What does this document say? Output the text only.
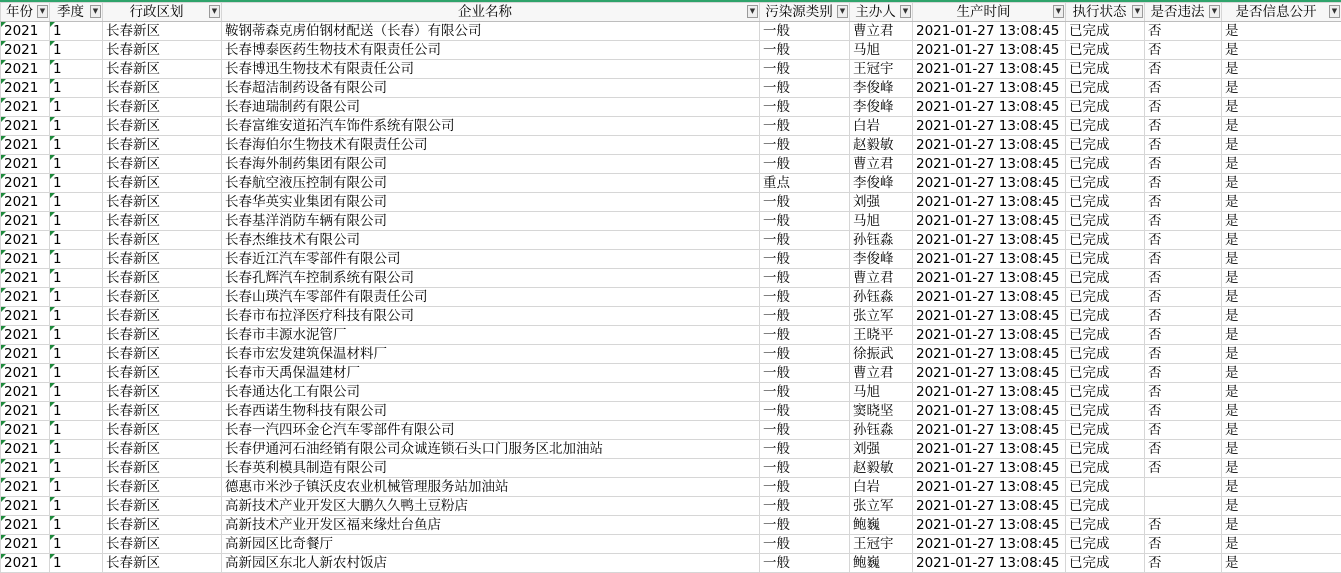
年份 ▼	季度 ▼	行政区划 ▼	企业名称 ▼	污染源类别 ▼	主办人 ▼	生产时间 ▼	执行状态 ▼	是否违法 ▼	是否信息公开 ▼

2021	1	长春新区	鞍钢蒂森克虏伯钢材配送（长春）有限公司	一般	曹立君	2021-01-27 13:08:45	已完成	否	是
2021	1	长春新区	长春博泰医药生物技术有限责任公司	一般	马旭	2021-01-27 13:08:45	已完成	否	是
2021	1	长春新区	长春博迅生物技术有限责任公司	一般	王冠宇	2021-01-27 13:08:45	已完成	否	是
2021	1	长春新区	长春超洁制药设备有限公司	一般	李俊峰	2021-01-27 13:08:45	已完成	否	是
2021	1	长春新区	长春迪瑞制药有限公司	一般	李俊峰	2021-01-27 13:08:45	已完成	否	是
2021	1	长春新区	长春富维安道拓汽车饰件系统有限公司	一般	白岩	2021-01-27 13:08:45	已完成	否	是
2021	1	长春新区	长春海伯尔生物技术有限责任公司	一般	赵毅敏	2021-01-27 13:08:45	已完成	否	是
2021	1	长春新区	长春海外制药集团有限公司	一般	曹立君	2021-01-27 13:08:45	已完成	否	是
2021	1	长春新区	长春航空液压控制有限公司	重点	李俊峰	2021-01-27 13:08:45	已完成	否	是
2021	1	长春新区	长春华英实业集团有限公司	一般	刘强	2021-01-27 13:08:45	已完成	否	是
2021	1	长春新区	长春基洋消防车辆有限公司	一般	马旭	2021-01-27 13:08:45	已完成	否	是
2021	1	长春新区	长春杰维技术有限公司	一般	孙钰淼	2021-01-27 13:08:45	已完成	否	是
2021	1	长春新区	长春近江汽车零部件有限公司	一般	李俊峰	2021-01-27 13:08:45	已完成	否	是
2021	1	长春新区	长春孔辉汽车控制系统有限公司	一般	曹立君	2021-01-27 13:08:45	已完成	否	是
2021	1	长春新区	长春山瑛汽车零部件有限责任公司	一般	孙钰淼	2021-01-27 13:08:45	已完成	否	是
2021	1	长春新区	长春市布拉泽医疗科技有限公司	一般	张立军	2021-01-27 13:08:45	已完成	否	是
2021	1	长春新区	长春市丰源水泥管厂	一般	王晓平	2021-01-27 13:08:45	已完成	否	是
2021	1	长春新区	长春市宏发建筑保温材料厂	一般	徐振武	2021-01-27 13:08:45	已完成	否	是
2021	1	长春新区	长春市天禹保温建材厂	一般	曹立君	2021-01-27 13:08:45	已完成	否	是
2021	1	长春新区	长春通达化工有限公司	一般	马旭	2021-01-27 13:08:45	已完成	否	是
2021	1	长春新区	长春西诺生物科技有限公司	一般	窦晓坚	2021-01-27 13:08:45	已完成	否	是
2021	1	长春新区	长春一汽四环金仑汽车零部件有限公司	一般	孙钰淼	2021-01-27 13:08:45	已完成	否	是
2021	1	长春新区	长春伊通河石油经销有限公司众诚连锁石头口门服务区北加油站	一般	刘强	2021-01-27 13:08:45	已完成	否	是
2021	1	长春新区	长春英利模具制造有限公司	一般	赵毅敏	2021-01-27 13:08:45	已完成	否	是
2021	1	长春新区	德惠市米沙子镇沃皮农业机械管理服务站加油站	一般	白岩	2021-01-27 13:08:45	已完成		是
2021	1	长春新区	高新技术产业开发区大鹏久久鸭土豆粉店	一般	张立军	2021-01-27 13:08:45	已完成		是
2021	1	长春新区	高新技术产业开发区福来缘灶台鱼店	一般	鲍巍	2021-01-27 13:08:45	已完成	否	是
2021	1	长春新区	高新园区比奇餐厅	一般	王冠宇	2021-01-27 13:08:45	已完成	否	是
2021	1	长春新区	高新园区东北人新农村饭店	一般	鲍巍	2021-01-27 13:08:45	已完成	否	是
